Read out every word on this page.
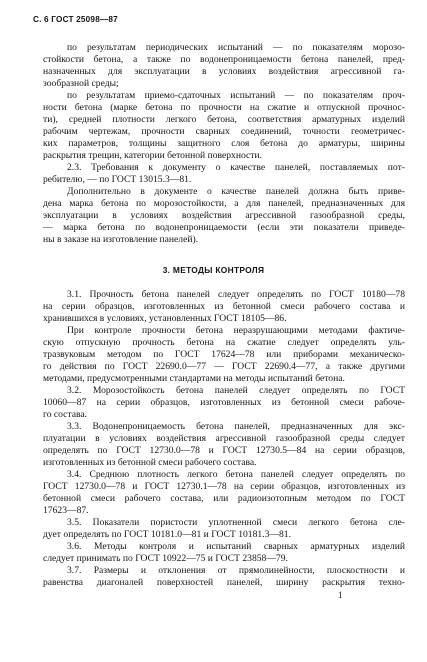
С. 6 ГОСТ 25098—87
по результатам периодических испытаний — по показателям морозо-
стойкости бетона, а также по водонепроницаемости бетона панелей, пред-
назначенных для эксплуатации в условиях воздействия агрессивной га-
зообразной среды;
по результатам приемо-сдаточных испытаний — по показателям проч-
ности бетона (марке бетона по прочности на сжатие и отпускной прочнос-
ти), средней плотности легкого бетона, соответствия арматурных изделий
рабочим чертежам, прочности сварных соединений, точности геометричес-
ких параметров, толщины защитного слоя бетона до арматуры, ширины
раскрытия трещин, категории бетонной поверхности.
2.3. Требования к документу о качестве панелей, поставляемых пот-
ребителю, — по ГОСТ 13015.3—81.
Дополнительно в документе о качестве панелей должна быть приве-
дена марка бетона по морозостойкости, а для панелей, предназначенных для
эксплуатации в условиях воздействия агрессивной газообразной среды,
— марка бетона по водонепроницаемости (если эти показатели приведе-
ны в заказе на изготовление панелей).
3. МЕТОДЫ КОНТРОЛЯ
3.1. Прочность бетона панелей следует определять по ГОСТ 10180—78
на серии образцов, изготовленных из бетонной смеси рабочего состава и
хранившихся в условиях, установленных ГОСТ 18105—86.
При контроле прочности бетона неразрушающими методами фактиче-
скую отпускную прочность бетона на сжатие следует определять уль-
тразвуковым методом по ГОСТ 17624—78 или приборами механическо-
го действия по ГОСТ 22690.0—77 — ГОСТ 22690.4—77, а также другими
методами, предусмотренными стандартами на методы испытаний бетона.
3.2. Морозостойкость бетона панелей следует определять по ГОСТ
10060—87 на серии образцов, изготовленных из бетонной смеси рабоче-
го состава.
3.3. Водонепроницаемость бетона панелей, предназначенных для экс-
плуатации в условиях воздействия агрессивной газообразной среды следует
определять по ГОСТ 12730.0—78 и ГОСТ 12730.5—84 на серии образцов,
изготовленных из бетонной смеси рабочего состава.
3.4. Среднюю плотность легкого бетона панелей следует определять по
ГОСТ 12730.0—78 и ГОСТ 12730.1—78 на серии образцов, изготовленных из
бетонной смеси рабочего состава, или радиоизотопным методом по ГОСТ
17623—87.
3.5. Показатели пористости уплотненной смеси легкого бетона сле-
дует определять по ГОСТ 10181.0—81 и ГОСТ 10181.3—81.
3.6. Методы контроля и испытаний сварных арматурных изделий
следует принимать по ГОСТ 10922—75 и ГОСТ 23858—79.
3.7. Размеры и отклонения от прямолинейности, плоскостности и
равенства диагоналей поверхностей панелей, ширину раскрытия техно-
1
